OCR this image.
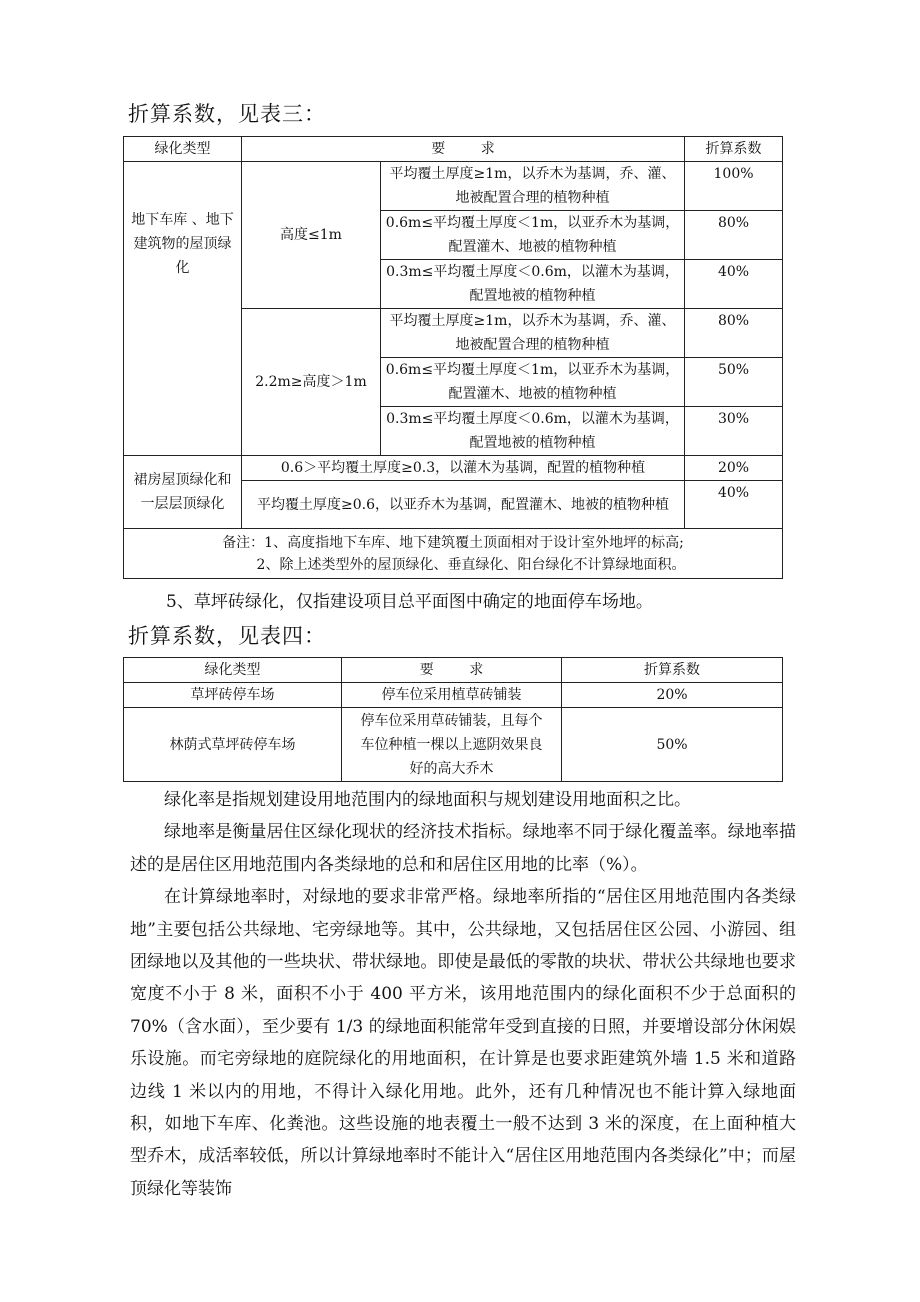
折算系数，见表三：
绿化类型	要        求		折算系数
地下车库 、地下建筑物的屋顶绿化	高度≤1m	平均覆土厚度≥1m，以乔木为基调，乔、灌、地被配置合理的植物种植	100%
		0.6m≤平均覆土厚度＜1m，以亚乔木为基调，配置灌木、地被的植物种植	80%
		0.3m≤平均覆土厚度＜0.6m，以灌木为基调，配置地被的植物种植	40%
	2.2m≥高度＞1m	平均覆土厚度≥1m，以乔木为基调，乔、灌、地被配置合理的植物种植	80%
		0.6m≤平均覆土厚度＜1m，以亚乔木为基调，配置灌木、地被的植物种植	50%
		0.3m≤平均覆土厚度＜0.6m，以灌木为基调，配置地被的植物种植	30%
裙房屋顶绿化和一层层顶绿化	0.6＞平均覆土厚度≥0.3，以灌木为基调，配置的植物种植		20%
	平均覆土厚度≥0.6，以亚乔木为基调，配置灌木、地被的植物种植		40%

备注：1、高度指地下车库、地下建筑覆土顶面相对于设计室外地坪的标高;
2、除上述类型外的屋顶绿化、垂直绿化、阳台绿化不计算绿地面积。			
5、草坪砖绿化，仅指建设项目总平面图中确定的地面停车场地。
折算系数，见表四：
绿化类型	要        求	折算系数
草坪砖停车场	停车位采用植草砖铺装	20%
林荫式草坪砖停车场	停车位采用草砖铺装，且每个车位种植一棵以上遮阴效果良好的高大乔木	50%

绿化率是指规划建设用地范围内的绿地面积与规划建设用地面积之比。

绿地率是衡量居住区绿化现状的经济技术指标。绿地率不同于绿化覆盖率。绿地率描述的是居住区用地范围内各类绿地的总和和居住区用地的比率（%）。

在计算绿地率时，对绿地的要求非常严格。绿地率所指的“居住区用地范围内各类绿地”主要包括公共绿地、宅旁绿地等。其中，公共绿地，又包括居住区公园、小游园、组团绿地以及其他的一些块状、带状绿地。即使是最低的零散的块状、带状公共绿地也要求宽度不小于 8 米，面积不小于 400 平方米，该用地范围内的绿化面积不少于总面积的 70%（含水面），至少要有 1/3 的绿地面积能常年受到直接的日照，并要增设部分休闲娱乐设施。而宅旁绿地的庭院绿化的用地面积，在计算是也要求距建筑外墙 1.5 米和道路边线 1 米以内的用地，不得计入绿化用地。此外，还有几种情况也不能计算入绿地面积，如地下车库、化粪池。这些设施的地表覆土一般不达到 3 米的深度，在上面种植大型乔木，成活率较低，所以计算绿地率时不能计入“居住区用地范围内各类绿化”中；而屋顶绿化等装饰
